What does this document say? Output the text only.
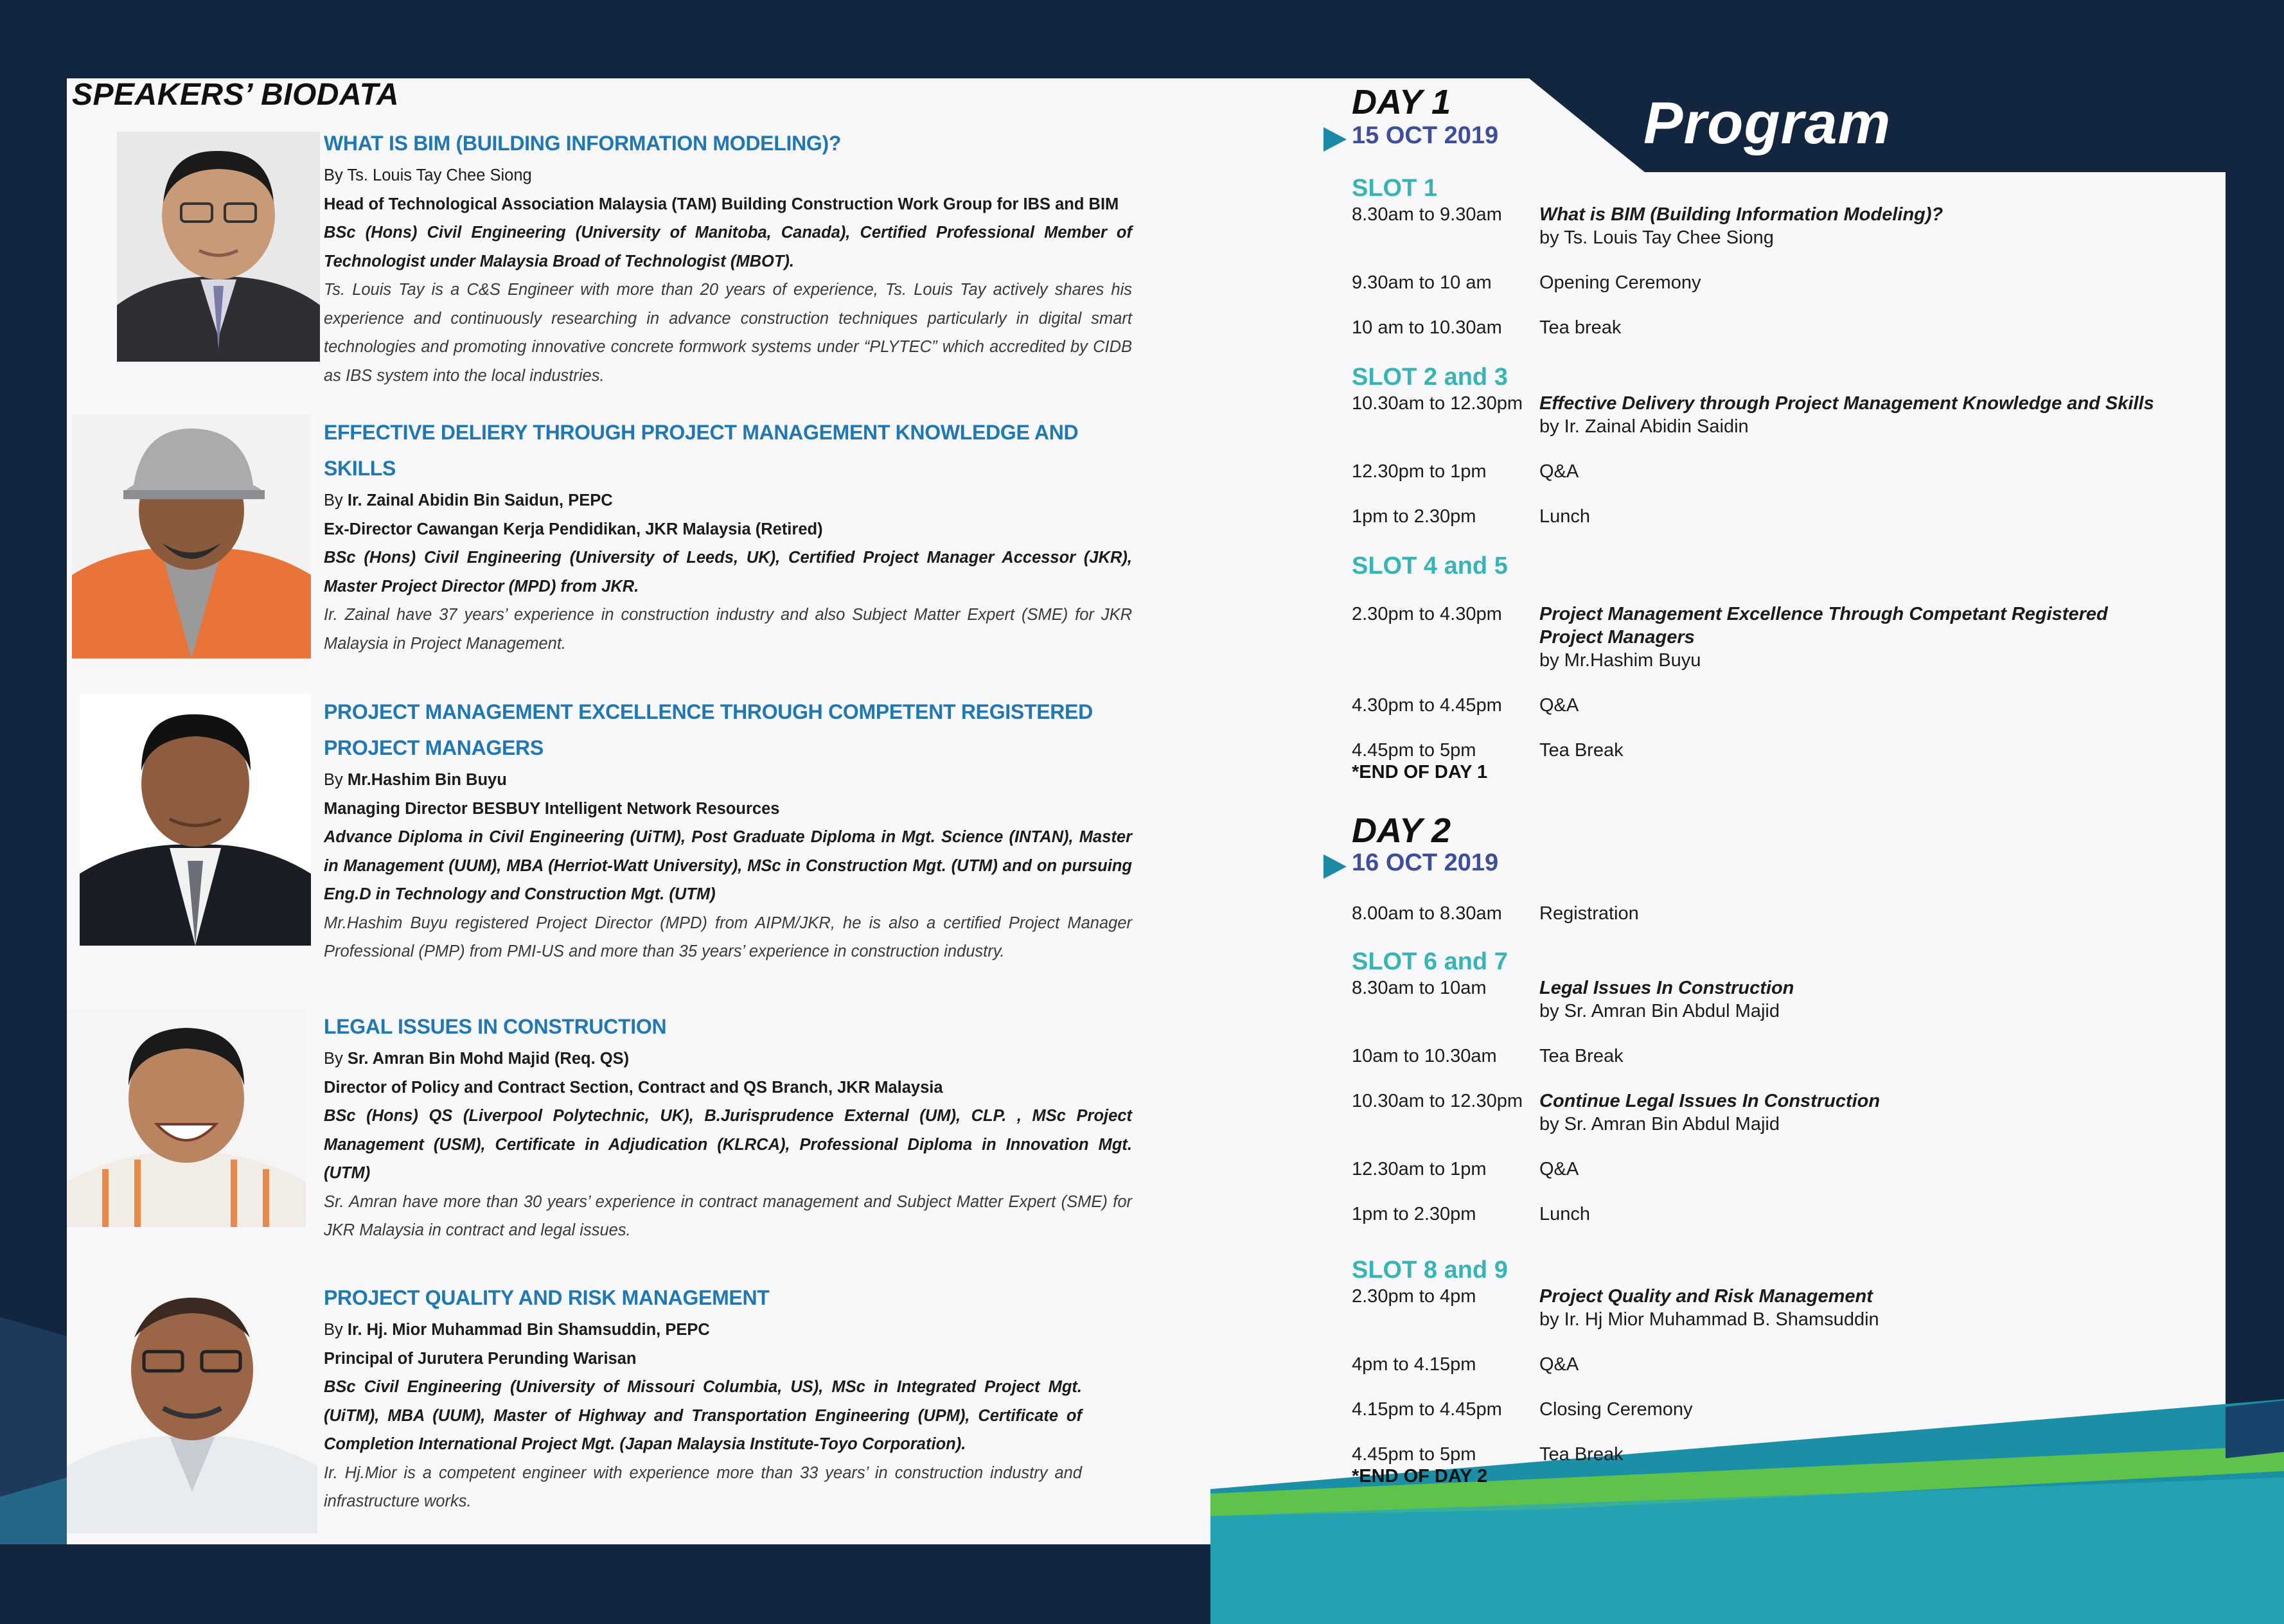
SPEAKERS’ BIODATA
WHAT IS BIM (BUILDING INFORMATION MODELING)?
By Ts. Louis Tay Chee Siong
Head of Technological Association Malaysia (TAM) Building Construction Work Group for IBS and BIM
BSc (Hons) Civil Engineering (University of Manitoba, Canada), Certified Professional Member of Technologist under Malaysia Broad of Technologist (MBOT).
Ts. Louis Tay is a C&S Engineer with more than 20 years of experience, Ts. Louis Tay actively shares his experience and continuously researching in advance construction techniques particularly in digital smart technologies and promoting innovative concrete formwork systems under “PLYTEC” which accredited by CIDB as IBS system into the local industries.
EFFECTIVE DELIERY THROUGH PROJECT MANAGEMENT KNOWLEDGE AND SKILLS
By Ir. Zainal Abidin Bin Saidun, PEPC
Ex-Director Cawangan Kerja Pendidikan, JKR Malaysia (Retired)
BSc (Hons) Civil Engineering (University of Leeds, UK), Certified Project Manager Accessor (JKR), Master Project Director (MPD) from JKR.
Ir. Zainal have 37 years’ experience in construction industry and also Subject Matter Expert (SME) for JKR Malaysia in Project Management.
PROJECT MANAGEMENT EXCELLENCE THROUGH COMPETENT REGISTERED PROJECT MANAGERS
By Mr.Hashim Bin Buyu
Managing Director BESBUY Intelligent Network Resources
Advance Diploma in Civil Engineering (UiTM), Post Graduate Diploma in Mgt. Science (INTAN), Master in Management (UUM), MBA (Herriot-Watt University), MSc in Construction Mgt. (UTM) and on pursuing Eng.D in Technology and Construction Mgt. (UTM)
Mr.Hashim Buyu registered Project Director (MPD) from AIPM/JKR, he is also a certified Project Manager Professional (PMP) from PMI-US and more than 35 years’ experience in construction industry.
LEGAL ISSUES IN CONSTRUCTION
By Sr. Amran Bin Mohd Majid (Req. QS)
Director of Policy and Contract Section, Contract and QS Branch, JKR Malaysia
BSc (Hons) QS (Liverpool Polytechnic, UK), B.Jurisprudence External (UM), CLP. , MSc Project Management (USM), Certificate in Adjudication (KLRCA), Professional Diploma in Innovation Mgt. (UTM)
Sr. Amran have more than 30 years’ experience in contract management and Subject Matter Expert (SME) for JKR Malaysia in contract and legal issues.
PROJECT QUALITY AND RISK MANAGEMENT
By Ir. Hj. Mior Muhammad Bin Shamsuddin, PEPC
Principal of Jurutera Perunding Warisan
BSc Civil Engineering (University of Missouri Columbia, US), MSc in Integrated Project Mgt. (UiTM), MBA (UUM), Master of Highway and Transportation Engineering (UPM), Certificate of Completion International Project Mgt. (Japan Malaysia Institute-Toyo Corporation).
Ir. Hj.Mior is a competent engineer with experience more than 33 years’ in construction industry and infrastructure works.
Program
DAY 1
15 OCT 2019
SLOT 1
8.30am to 9.30am What is BIM (Building Information Modeling)?
by Ts. Louis Tay Chee Siong
9.30am to 10 am	Opening Ceremony
10 am to 10.30am Tea break
SLOT 2 and 3
10.30am to 12.30pm Effective Delivery through Project Management Knowledge and Skills
by Ir. Zainal Abidin Saidin
12.30pm to 1pm	Q&A
1pm to 2.30pm	Lunch
SLOT 4 and 5
2.30pm to 4.30pm Project Management Excellence Through Competant Registered Project Managers
by Mr.Hashim Buyu
4.30pm to 4.45pm Q&A
4.45pm to 5pm	Tea Break
*END OF DAY 1
DAY 2
16 OCT 2019
8.00am to 8.30am Registration
SLOT 6 and 7
8.30am to 10am	Legal Issues In Construction
by Sr. Amran Bin Abdul Majid
10am to 10.30am Tea Break
10.30am to 12.30pm Continue Legal Issues In Construction
by Sr. Amran Bin Abdul Majid
12.30am to 1pm	Q&A
1pm to 2.30pm	Lunch
SLOT 8 and 9
2.30pm to 4pm	Project Quality and Risk Management
by Ir. Hj Mior Muhammad B. Shamsuddin
4pm to 4.15pm	Q&A
4.15pm to 4.45pm Closing Ceremony
4.45pm to 5pm	Tea Break
*END OF DAY 2
